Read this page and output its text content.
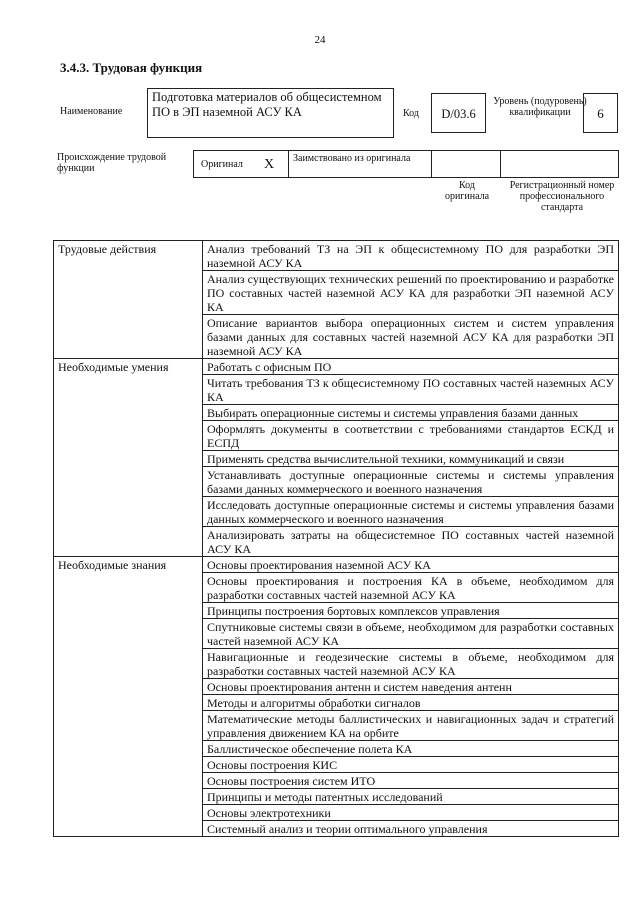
24
3.4.3. Трудовая функция
Наименование
Подготовка материалов об общесистемном ПО в ЭП наземной АСУ КА	Код	D/03.6
Уровень (подуровень) квалификации	6
Происхождение трудовой функции	Оригинал X Заимствовано из оригинала
Код оригинала
Регистрационный номер профессионального стандарта
Трудовые действия	Анализ требований ТЗ на ЭП к общесистемному ПО для разработки ЭП наземной АСУ КА
	Анализ существующих технических решений по проектированию и разработке ПО составных частей наземной АСУ КА для разработки ЭП наземной АСУ КА
	Описание вариантов выбора операционных систем и систем управления базами данных для составных частей наземной АСУ КА для разработки ЭП наземной АСУ КА
Необходимые умения	Работать с офисным ПО
	Читать требования ТЗ к общесистемному ПО составных частей наземных АСУ КА
	Выбирать операционные системы и системы управления базами данных
	Оформлять документы в соответствии с требованиями стандартов ЕСКД и ЕСПД
	Применять средства вычислительной техники, коммуникаций и связи
	Устанавливать доступные операционные системы и системы управления базами данных коммерческого и военного назначения
	Исследовать доступные операционные системы и системы управления базами данных коммерческого и военного назначения
	Анализировать затраты на общесистемное ПО составных частей наземной АСУ КА
Необходимые знания	Основы проектирования наземной АСУ КА
	Основы проектирования и построения КА в объеме, необходимом для разработки составных частей наземной АСУ КА
	Принципы построения бортовых комплексов управления
	Спутниковые системы связи в объеме, необходимом для разработки составных частей наземной АСУ КА
	Навигационные и геодезические системы в объеме, необходимом для разработки составных частей наземной АСУ КА
	Основы проектирования антенн и систем наведения антенн
	Методы и алгоритмы обработки сигналов
	Математические методы баллистических и навигационных задач и стратегий управления движением КА на орбите
	Баллистическое обеспечение полета КА
	Основы построения КИС
	Основы построения систем ИТО
	Принципы и методы патентных исследований
	Основы электротехники
	Системный анализ и теории оптимального управления
